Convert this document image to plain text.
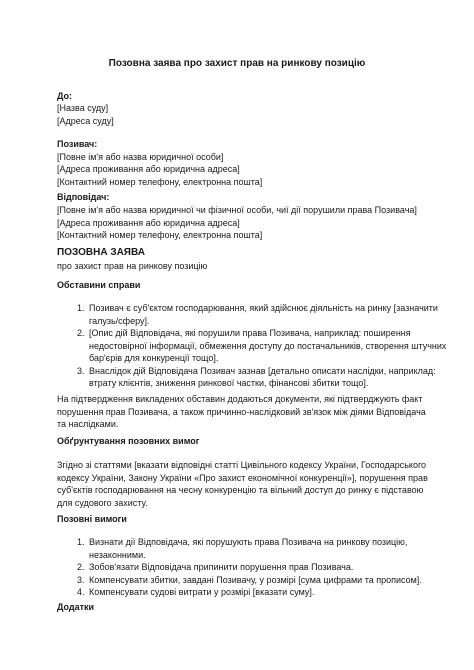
Позовна заява про захист прав на ринкову позицію
До:
[Назва суду]
[Адреса суду]
Позивач:
[Повне ім'я або назва юридичної особи]
[Адреса проживання або юридична адреса]
[Контактний номер телефону, електронна пошта]
Відповідач:
[Повне ім'я або назва юридичної чи фізичної особи, чиї дії порушили права Позивача]
[Адреса проживання або юридична адреса]
[Контактний номер телефону, електронна пошта]
ПОЗОВНА ЗАЯВА
про захист прав на ринкову позицію
Обставини справи
1. Позивач є суб'єктом господарювання, який здійснює діяльність на ринку [зазначити галузь/сферу].
2. [Опис дій Відповідача, які порушили права Позивача, наприклад: поширення недостовірної інформації, обмеження доступу до постачальників, створення штучних бар'єрів для конкуренції тощо].
3. Внаслідок дій Відповідача Позивач зазнав [детально описати наслідки, наприклад: втрату клієнтів, зниження ринкової частки, фінансові збитки тощо].
На підтвердження викладених обставин додаються документи, які підтверджують факт порушення прав Позивача, а також причинно-наслідковий зв'язок між діями Відповідача та наслідками.
Обґрунтування позовних вимог
Згідно зі статтями [вказати відповідні статті Цивільного кодексу України, Господарського кодексу України, Закону України «Про захист економічної конкуренції»], порушення прав суб'єктів господарювання на чесну конкуренцію та вільний доступ до ринку є підставою для судового захисту.
Позовні вимоги
1. Визнати дії Відповідача, які порушують права Позивача на ринкову позицію, незаконними.
2. Зобов'язати Відповідача припинити порушення прав Позивача.
3. Компенсувати збитки, завдані Позивачу, у розмірі [сума цифрами та прописом].
4. Компенсувати судові витрати у розмірі [вказати суму].
Додатки
